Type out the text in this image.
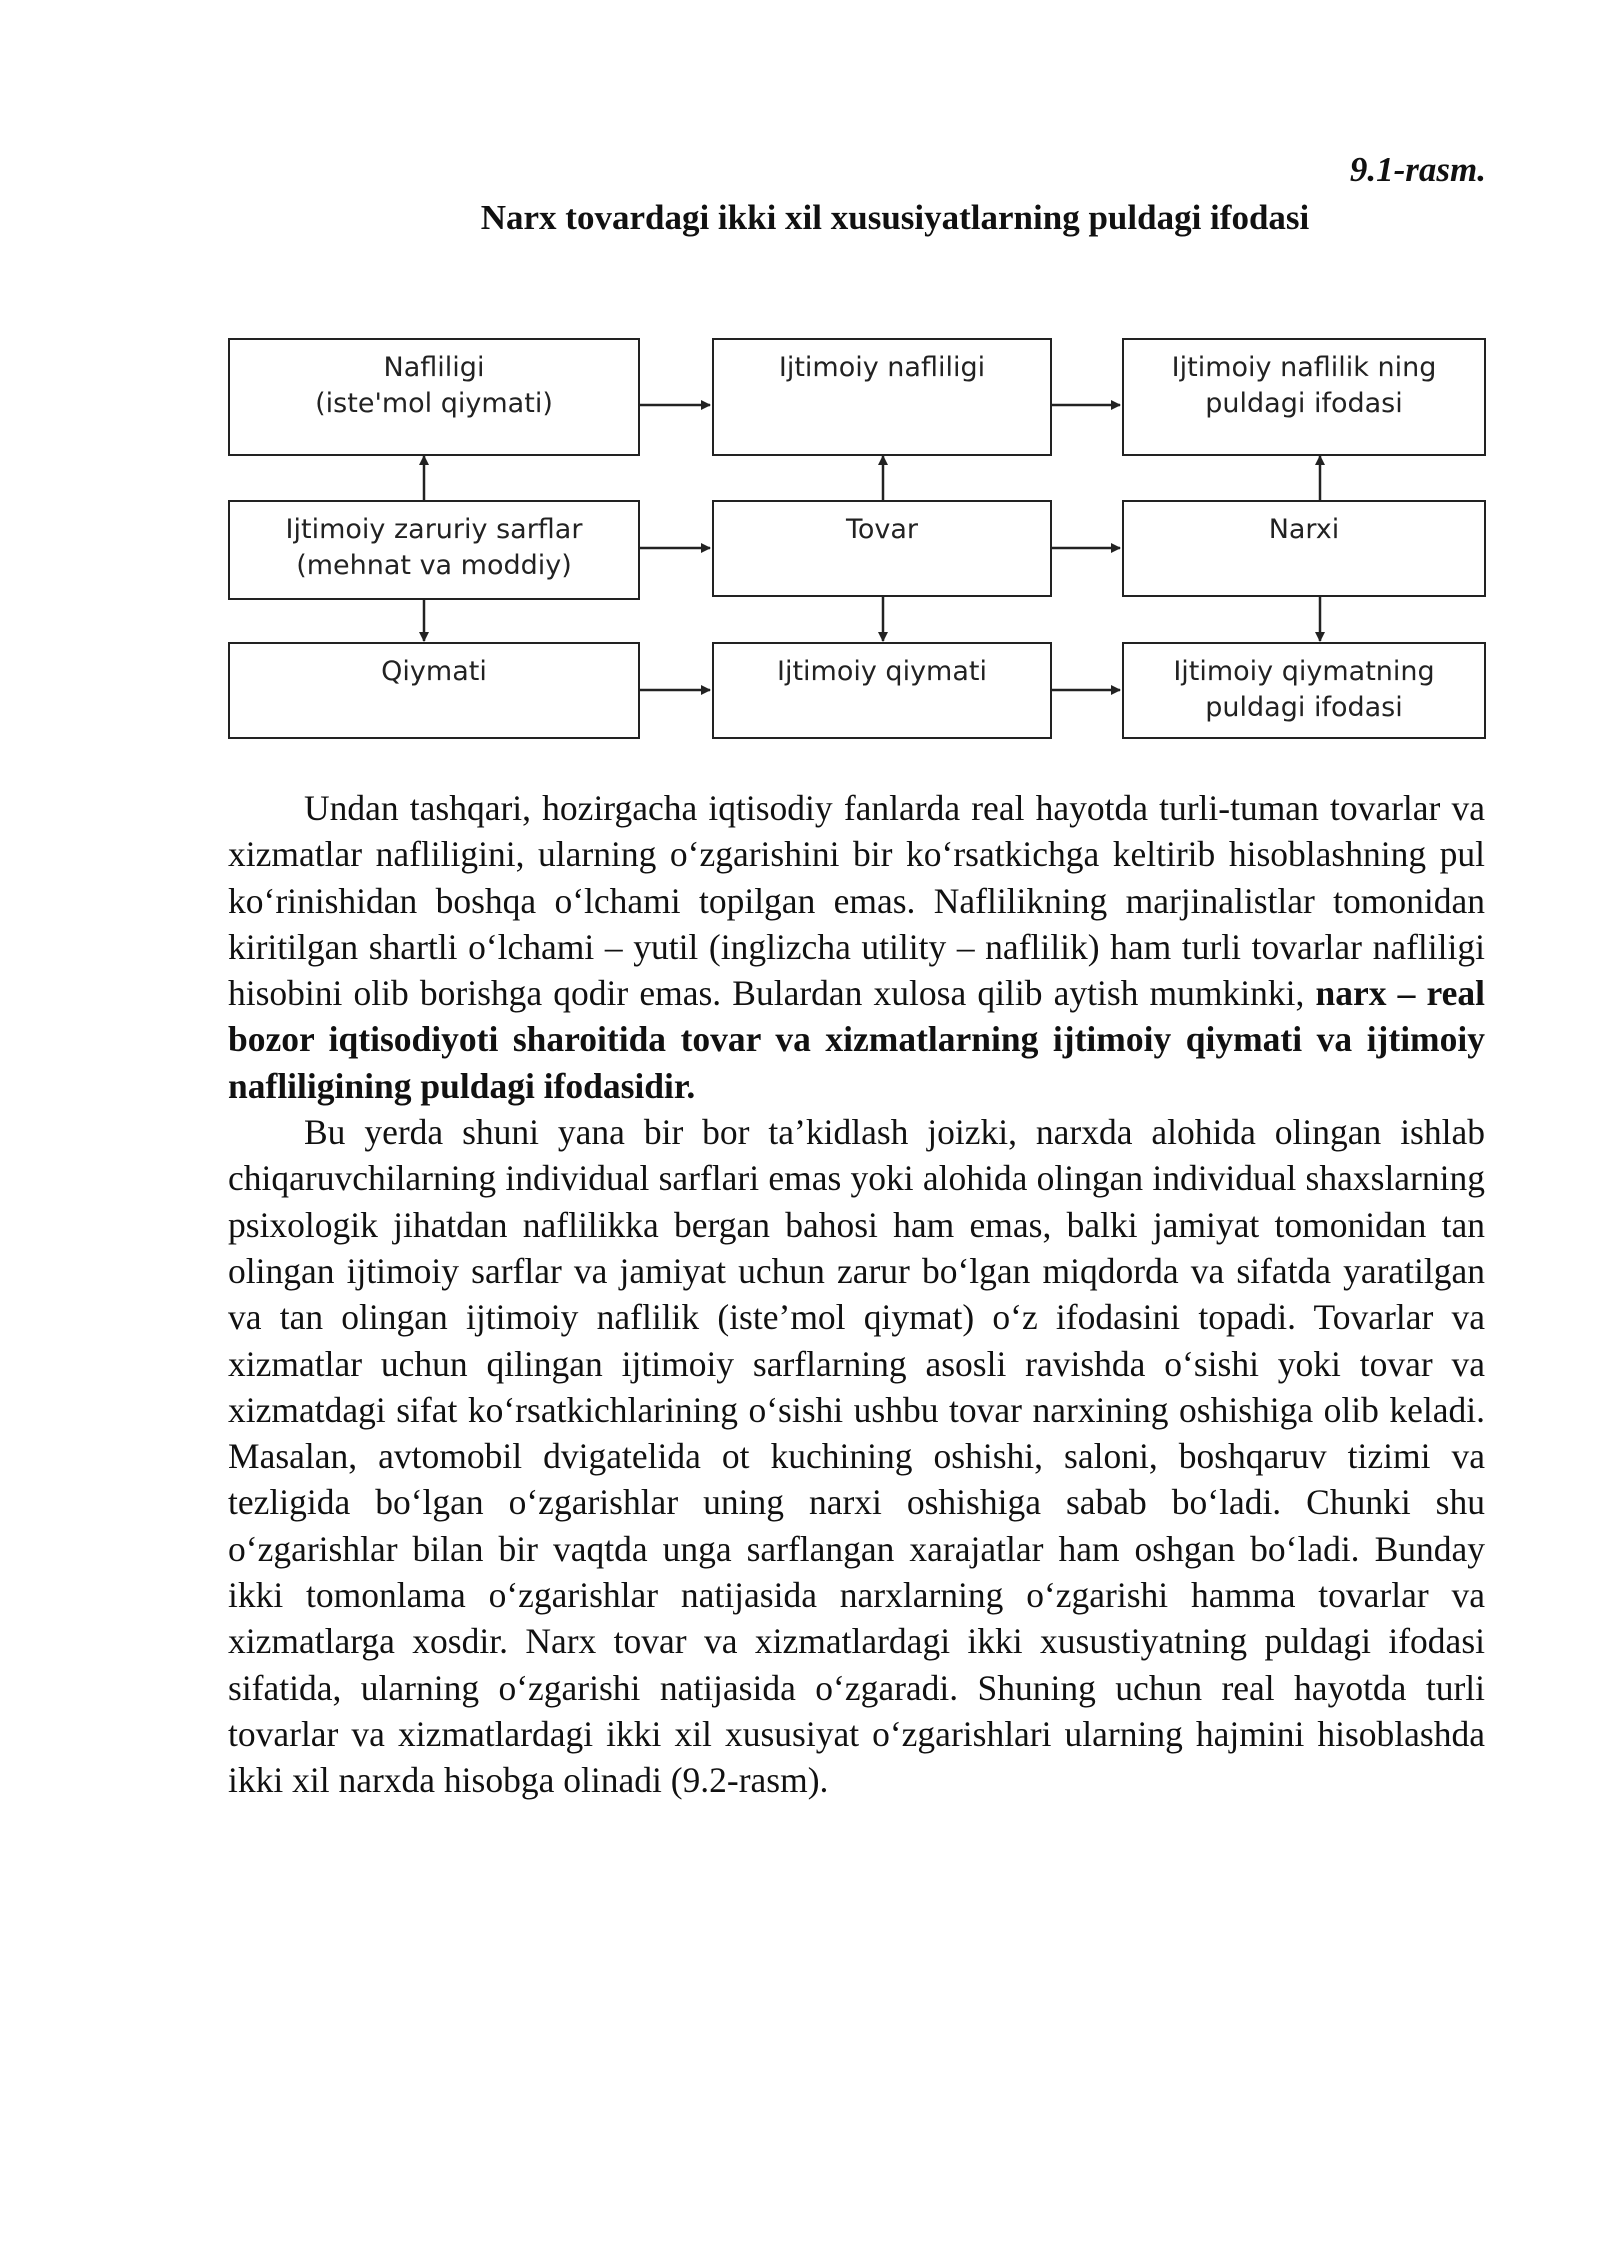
9.1-rasm.
Narx tovardagi ikki xil xususiyatlarning puldagi ifodasi
Nafliligi
(iste'mol qiymati)
Ijtimoiy nafliligi	Ijtimoiy naflilik ning
puldagi ifodasi
Ijtimoiy zaruriy sarflar
(mehnat va moddiy)
Tovar	Narxi
Qiymati	Ijtimoiy qiymati	Ijtimoiy qiymatning
puldagi ifodasi

Undan tashqari, hozirgacha iqtisodiy fanlarda real hayotda turli-tuman tovarlar va xizmatlar nafliligini, ularning o‘zgarishini bir ko‘rsatkichga keltirib hisoblashning pul ko‘rinishidan boshqa o‘lchami topilgan emas. Naflilikning marjinalistlar tomonidan kiritilgan shartli o‘lchami – yutil (inglizcha utility – naflilik) ham turli tovarlar nafliligi hisobini olib borishga qodir emas. Bulardan xulosa qilib aytish mumkinki, narx – real bozor iqtisodiyoti sharoitida tovar va xizmatlarning ijtimoiy qiymati va ijtimoiy nafliligining puldagi ifodasidir.

Bu yerda shuni yana bir bor ta’kidlash joizki, narxda alohida olingan ishlab chiqaruvchilarning individual sarflari emas yoki alohida olingan individual shaxslarning psixologik jihatdan naflilikka bergan bahosi ham emas, balki jamiyat tomonidan tan olingan ijtimoiy sarflar va jamiyat uchun zarur bo‘lgan miqdorda va sifatda yaratilgan va tan olingan ijtimoiy naflilik (iste’mol qiymat) o‘z ifodasini topadi. Tovarlar va xizmatlar uchun qilingan ijtimoiy sarflarning asosli ravishda o‘sishi yoki tovar va xizmatdagi sifat ko‘rsatkichlarining o‘sishi ushbu tovar narxining oshishiga olib keladi. Masalan, avtomobil dvigatelida ot kuchining oshishi, saloni, boshqaruv tizimi va tezligida bo‘lgan o‘zgarishlar uning narxi oshishiga sabab bo‘ladi. Chunki shu o‘zgarishlar bilan bir vaqtda unga sarflangan xarajatlar ham oshgan bo‘ladi. Bunday ikki tomonlama o‘zgarishlar natijasida narxlarning o‘zgarishi hamma tovarlar va xizmatlarga xosdir. Narx tovar va xizmatlardagi ikki xusustiyatning puldagi ifodasi sifatida, ularning o‘zgarishi natijasida o‘zgaradi. Shuning uchun real hayotda turli tovarlar va xizmatlardagi ikki xil xususiyat o‘zgarishlari ularning hajmini hisoblashda ikki xil narxda hisobga olinadi (9.2-rasm).
